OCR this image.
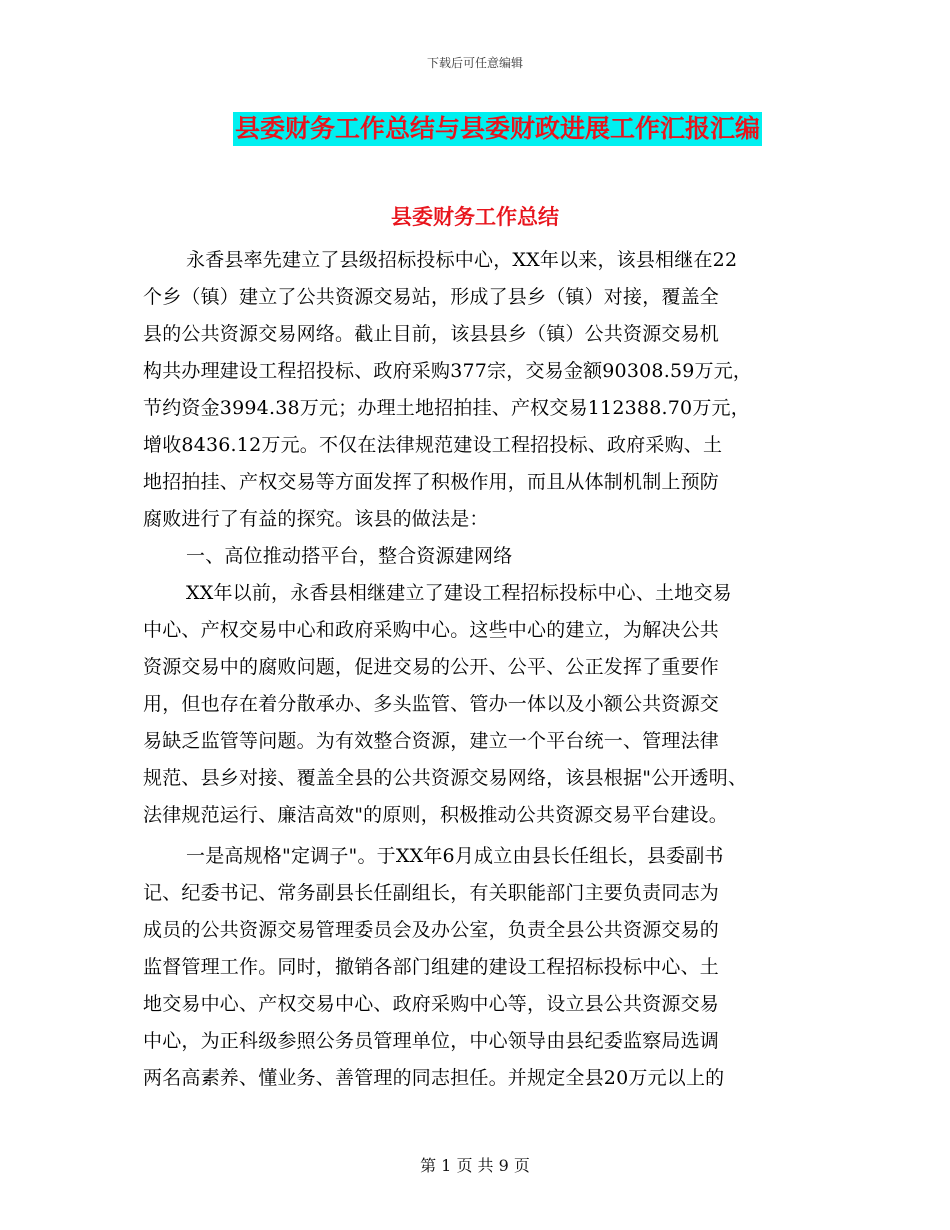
下载后可任意编辑
县委财务工作总结与县委财政进展工作汇报汇编
县委财务工作总结
永香县率先建立了县级招标投标中心，XX年以来，该县相继在22
个乡（镇）建立了公共资源交易站，形成了县乡（镇）对接，覆盖全
县的公共资源交易网络。截止目前，该县县乡（镇）公共资源交易机
构共办理建设工程招投标、政府采购377宗，交易金额90308.59万元，
节约资金3994.38万元；办理土地招拍挂、产权交易112388.70万元，
增收8436.12万元。不仅在法律规范建设工程招投标、政府采购、土
地招拍挂、产权交易等方面发挥了积极作用，而且从体制机制上预防
腐败进行了有益的探究。该县的做法是：
一、高位推动搭平台，整合资源建网络
XX年以前，永香县相继建立了建设工程招标投标中心、土地交易
中心、产权交易中心和政府采购中心。这些中心的建立，为解决公共
资源交易中的腐败问题，促进交易的公开、公平、公正发挥了重要作
用，但也存在着分散承办、多头监管、管办一体以及小额公共资源交
易缺乏监管等问题。为有效整合资源，建立一个平台统一、管理法律
规范、县乡对接、覆盖全县的公共资源交易网络，该县根据"公开透明、
法律规范运行、廉洁高效"的原则，积极推动公共资源交易平台建设。
一是高规格"定调子"。于XX年6月成立由县长任组长，县委副书
记、纪委书记、常务副县长任副组长，有关职能部门主要负责同志为
成员的公共资源交易管理委员会及办公室，负责全县公共资源交易的
监督管理工作。同时，撤销各部门组建的建设工程招标投标中心、土
地交易中心、产权交易中心、政府采购中心等，设立县公共资源交易
中心，为正科级参照公务员管理单位，中心领导由县纪委监察局选调
两名高素养、懂业务、善管理的同志担任。并规定全县20万元以上的
第 1 页 共 9 页
